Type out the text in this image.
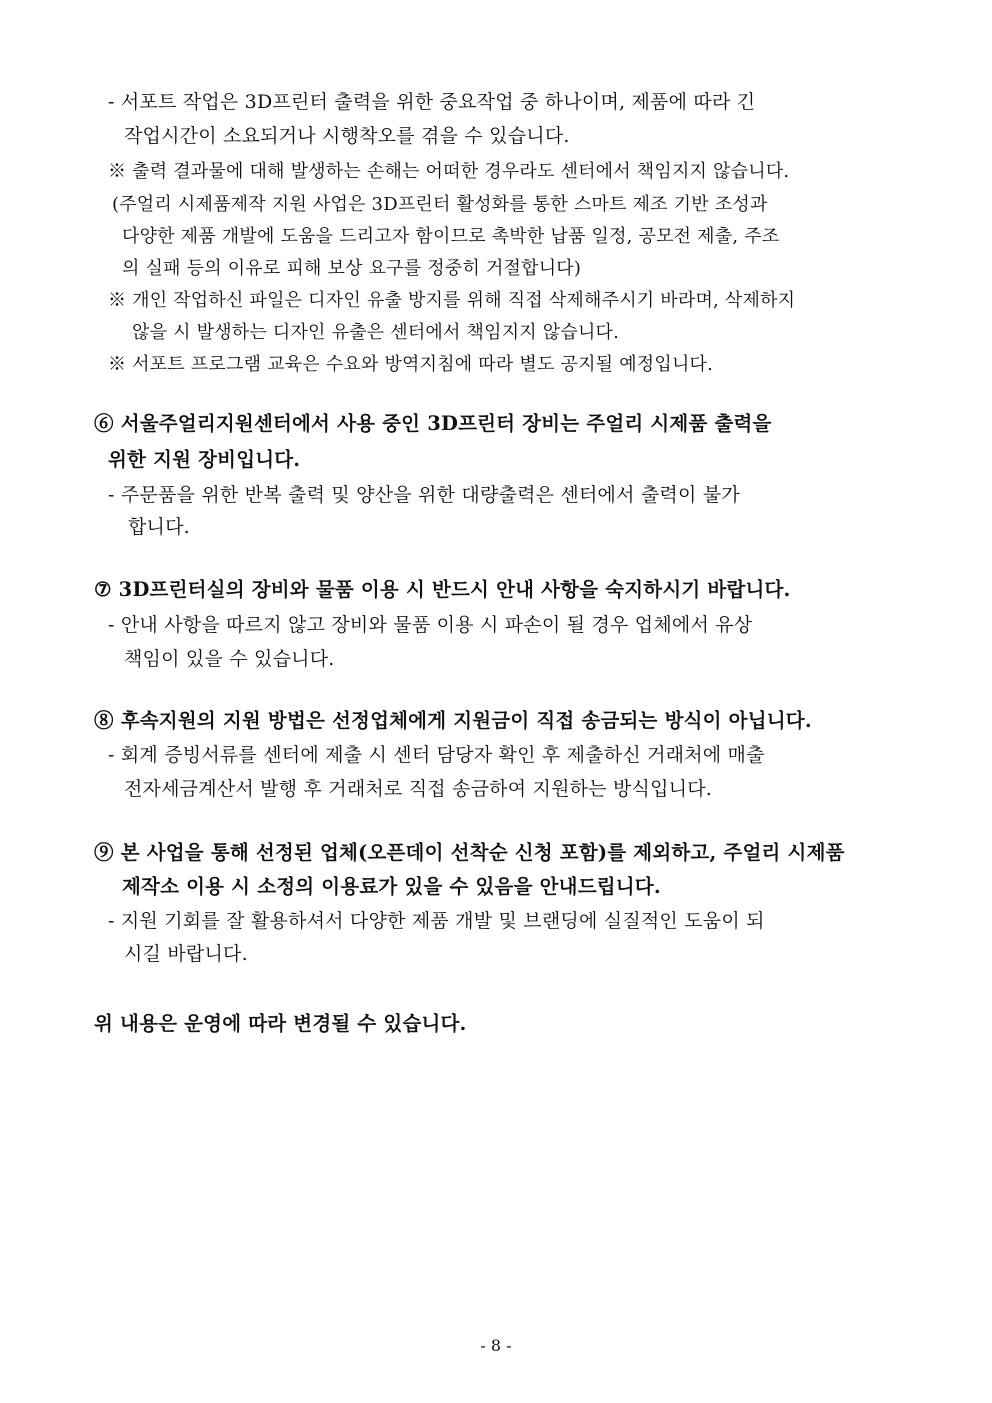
- 서포트 작업은 3D프린터 출력을 위한 중요작업 중 하나이며, 제품에 따라 긴
작업시간이 소요되거나 시행착오를 겪을 수 있습니다.
※ 출력 결과물에 대해 발생하는 손해는 어떠한 경우라도 센터에서 책임지지 않습니다.
(주얼리 시제품제작 지원 사업은 3D프린터 활성화를 통한 스마트 제조 기반 조성과
다양한 제품 개발에 도움을 드리고자 함이므로 촉박한 납품 일정, 공모전 제출, 주조
의 실패 등의 이유로 피해 보상 요구를 정중히 거절합니다)
※ 개인 작업하신 파일은 디자인 유출 방지를 위해 직접 삭제해주시기 바라며, 삭제하지
않을 시 발생하는 디자인 유출은 센터에서 책임지지 않습니다.
※ 서포트 프로그램 교육은 수요와 방역지침에 따라 별도 공지될 예정입니다.
⑥ 서울주얼리지원센터에서 사용 중인 3D프린터 장비는 주얼리 시제품 출력을
위한 지원 장비입니다.
- 주문품을 위한 반복 출력 및 양산을 위한 대량출력은 센터에서 출력이 불가
합니다.
⑦ 3D프린터실의 장비와 물품 이용 시 반드시 안내 사항을 숙지하시기 바랍니다.
- 안내 사항을 따르지 않고 장비와 물품 이용 시 파손이 될 경우 업체에서 유상
책임이 있을 수 있습니다.
⑧ 후속지원의 지원 방법은 선정업체에게 지원금이 직접 송금되는 방식이 아닙니다.
- 회계 증빙서류를 센터에 제출 시 센터 담당자 확인 후 제출하신 거래처에 매출
전자세금계산서 발행 후 거래처로 직접 송금하여 지원하는 방식입니다.
⑨ 본 사업을 통해 선정된 업체(오픈데이 선착순 신청 포함)를 제외하고, 주얼리 시제품
제작소 이용 시 소정의 이용료가 있을 수 있음을 안내드립니다.
- 지원 기회를 잘 활용하셔서 다양한 제품 개발 및 브랜딩에 실질적인 도움이 되
시길 바랍니다.
위 내용은 운영에 따라 변경될 수 있습니다.
- 8 -
